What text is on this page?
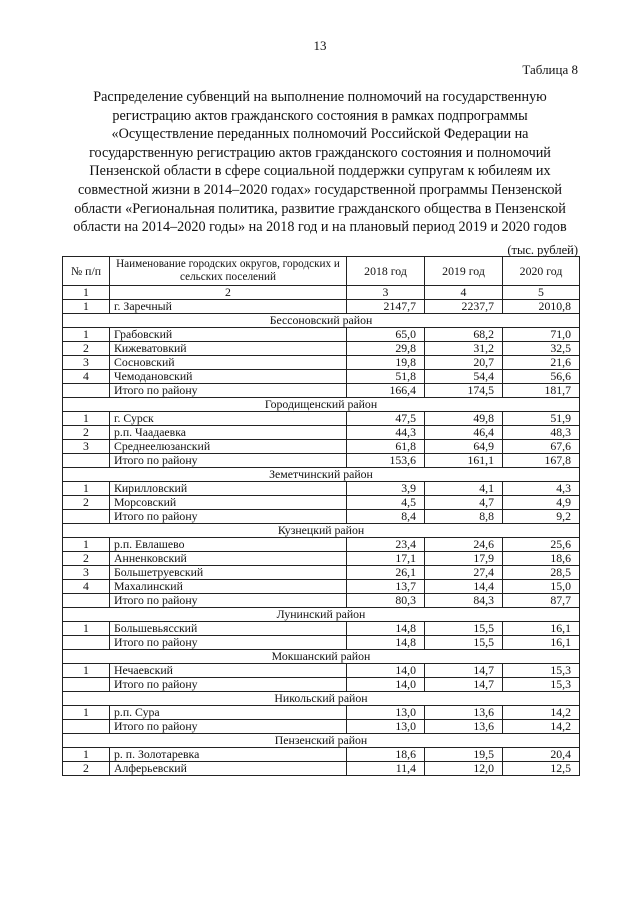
13
Таблица 8
Распределение субвенций на выполнение полномочий на государственную регистрацию актов гражданского состояния в рамках подпрограммы «Осуществление переданных полномочий Российской Федерации на государственную регистрацию актов гражданского состояния и полномочий Пензенской области в сфере социальной поддержки супругам к юбилеям их совместной жизни в 2014–2020 годах» государственной программы Пензенской области «Региональная политика, развитие гражданского общества в Пензенской области на 2014–2020 годы» на 2018 год и на плановый период 2019 и 2020 годов
(тыс. рублей)
№ п/п	Наименование городских округов, городских и сельских поселений	2018 год	2019 год	2020 год
1	2	3	4	5
1	г. Заречный	2147,7	2237,7	2010,8
Бессоновский район				
1	Грабовский	65,0	68,2	71,0
2	Кижеватовкий	29,8	31,2	32,5
3	Сосновский	19,8	20,7	21,6
4	Чемодановский	51,8	54,4	56,6
	Итого по району	166,4	174,5	181,7
Городищенский район				
1	г. Сурск	47,5	49,8	51,9
2	р.п. Чаадаевка	44,3	46,4	48,3
3	Среднеелюзанский	61,8	64,9	67,6
	Итого по району	153,6	161,1	167,8
Земетчинский район				
1	Кирилловский	3,9	4,1	4,3
2	Морсовский	4,5	4,7	4,9
	Итого по району	8,4	8,8	9,2
Кузнецкий район				
1	р.п. Евлашево	23,4	24,6	25,6
2	Анненковский	17,1	17,9	18,6
3	Большетруевский	26,1	27,4	28,5
4	Махалинский	13,7	14,4	15,0
	Итого по району	80,3	84,3	87,7
Лунинский район				
1	Большевьясский	14,8	15,5	16,1
	Итого по району	14,8	15,5	16,1
Мокшанский район				
1	Нечаевский	14,0	14,7	15,3
	Итого по району	14,0	14,7	15,3
Никольский район				
1	р.п. Сура	13,0	13,6	14,2
	Итого по району	13,0	13,6	14,2
Пензенский район				
1	р. п. Золотаревка	18,6	19,5	20,4
2	Алферьевский	11,4	12,0	12,5
